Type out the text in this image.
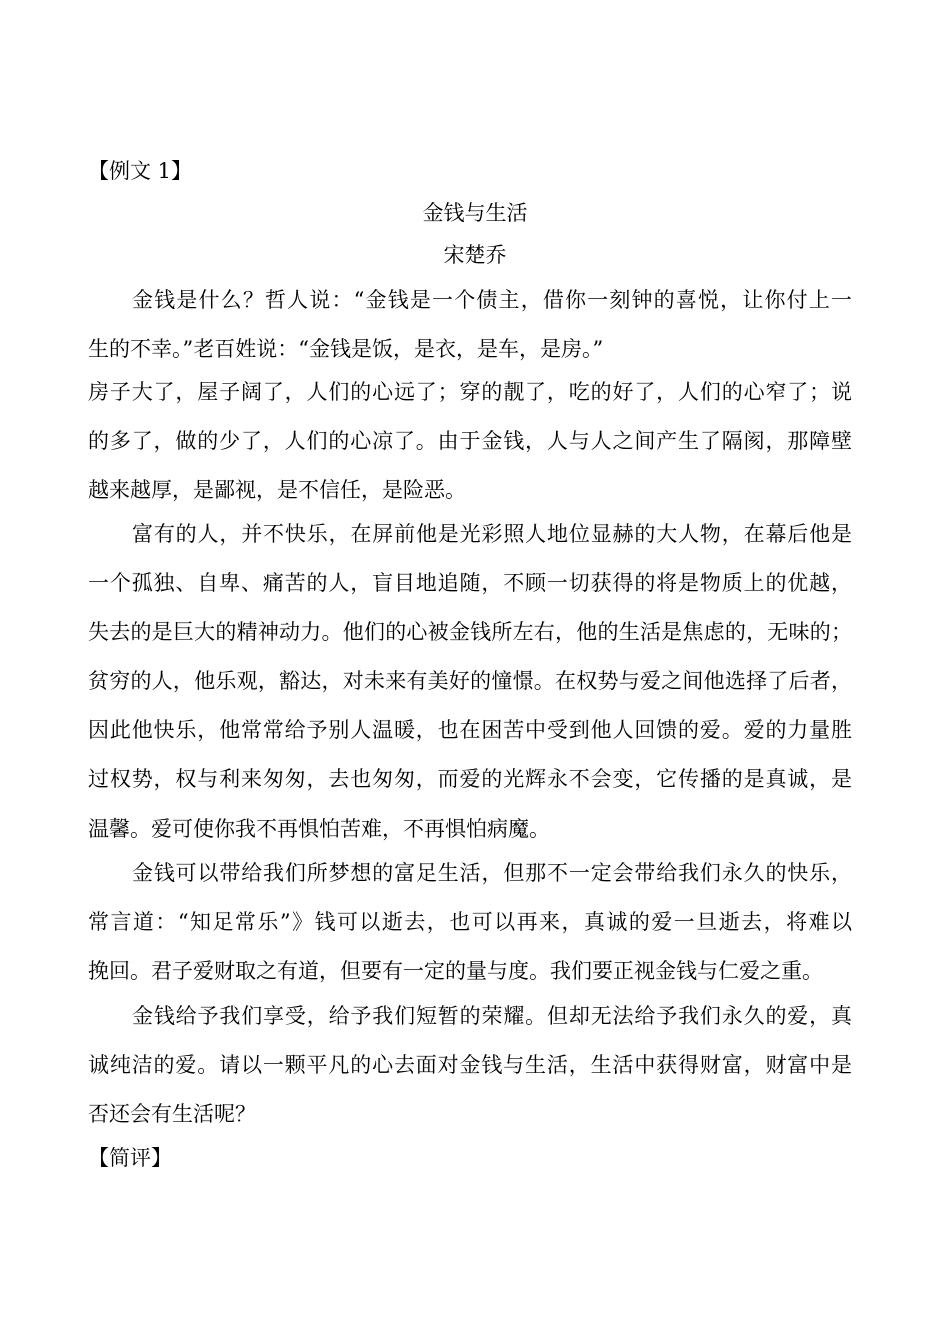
【例文 1】
金钱与生活
宋楚乔
金钱是什么？哲人说：“金钱是一个债主，借你一刻钟的喜悦，让你付上一
生的不幸。”老百姓说：“金钱是饭，是衣，是车，是房。”
房子大了，屋子阔了，人们的心远了；穿的靓了，吃的好了，人们的心窄了；说
的多了，做的少了，人们的心凉了。由于金钱，人与人之间产生了隔阂，那障壁
越来越厚，是鄙视，是不信任，是险恶。
富有的人，并不快乐，在屏前他是光彩照人地位显赫的大人物，在幕后他是
一个孤独、自卑、痛苦的人，盲目地追随，不顾一切获得的将是物质上的优越，
失去的是巨大的精神动力。他们的心被金钱所左右，他的生活是焦虑的，无味的；
贫穷的人，他乐观，豁达，对未来有美好的憧憬。在权势与爱之间他选择了后者，
因此他快乐，他常常给予别人温暖，也在困苦中受到他人回馈的爱。爱的力量胜
过权势，权与利来匆匆，去也匆匆，而爱的光辉永不会变，它传播的是真诚，是
温馨。爱可使你我不再惧怕苦难，不再惧怕病魔。
金钱可以带给我们所梦想的富足生活，但那不一定会带给我们永久的快乐，
常言道：“知足常乐”》钱可以逝去，也可以再来，真诚的爱一旦逝去，将难以
挽回。君子爱财取之有道，但要有一定的量与度。我们要正视金钱与仁爱之重。
金钱给予我们享受，给予我们短暂的荣耀。但却无法给予我们永久的爱，真
诚纯洁的爱。请以一颗平凡的心去面对金钱与生活，生活中获得财富，财富中是
否还会有生活呢？
【简评】
